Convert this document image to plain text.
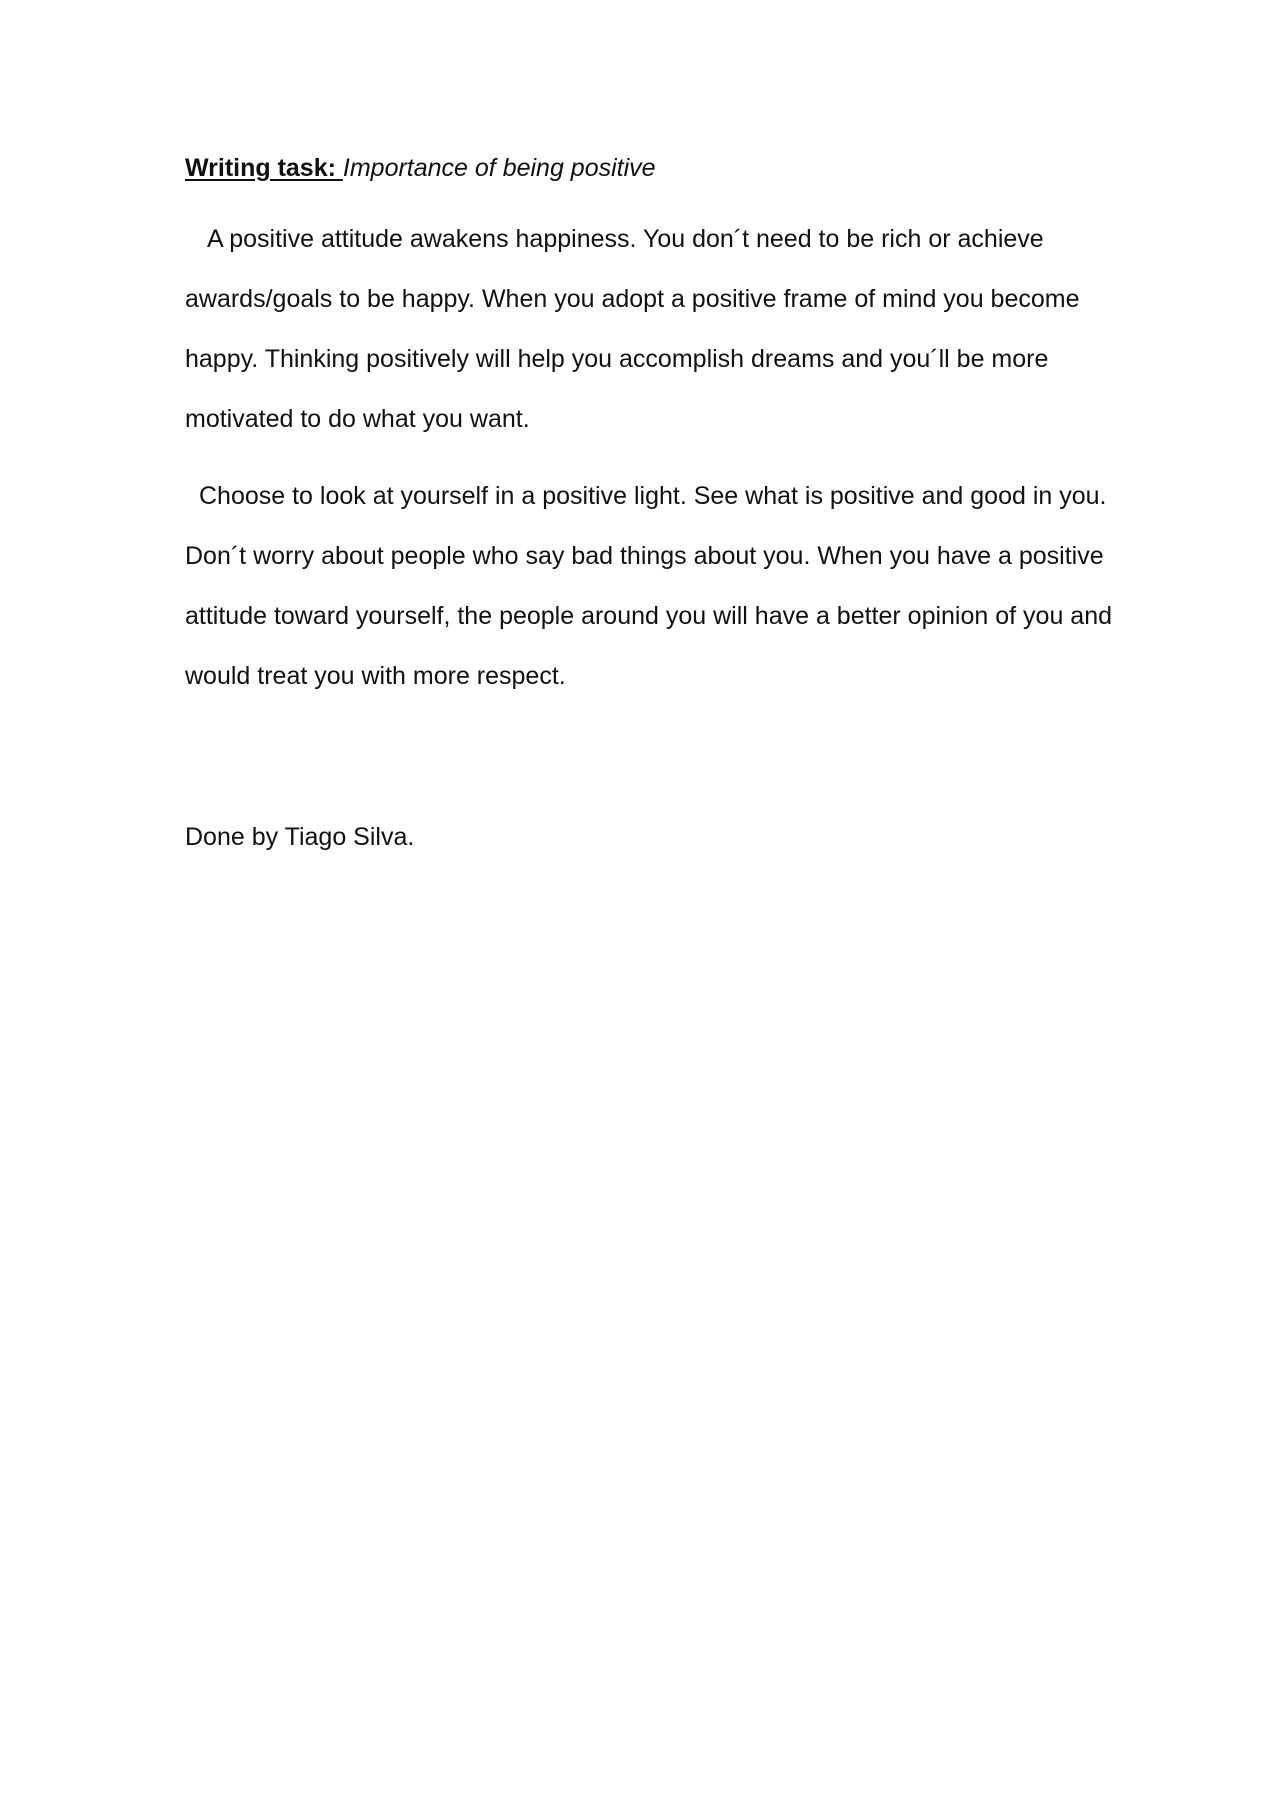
Writing task: Importance of being positive

A positive attitude awakens happiness. You don´t need to be rich or achieve awards/goals to be happy. When you adopt a positive frame of mind you become happy. Thinking positively will help you accomplish dreams and you´ll be more motivated to do what you want.

Choose to look at yourself in a positive light. See what is positive and good in you. Don´t worry about people who say bad things about you. When you have a positive attitude toward yourself, the people around you will have a better opinion of you and would treat you with more respect.

Done by Tiago Silva.
